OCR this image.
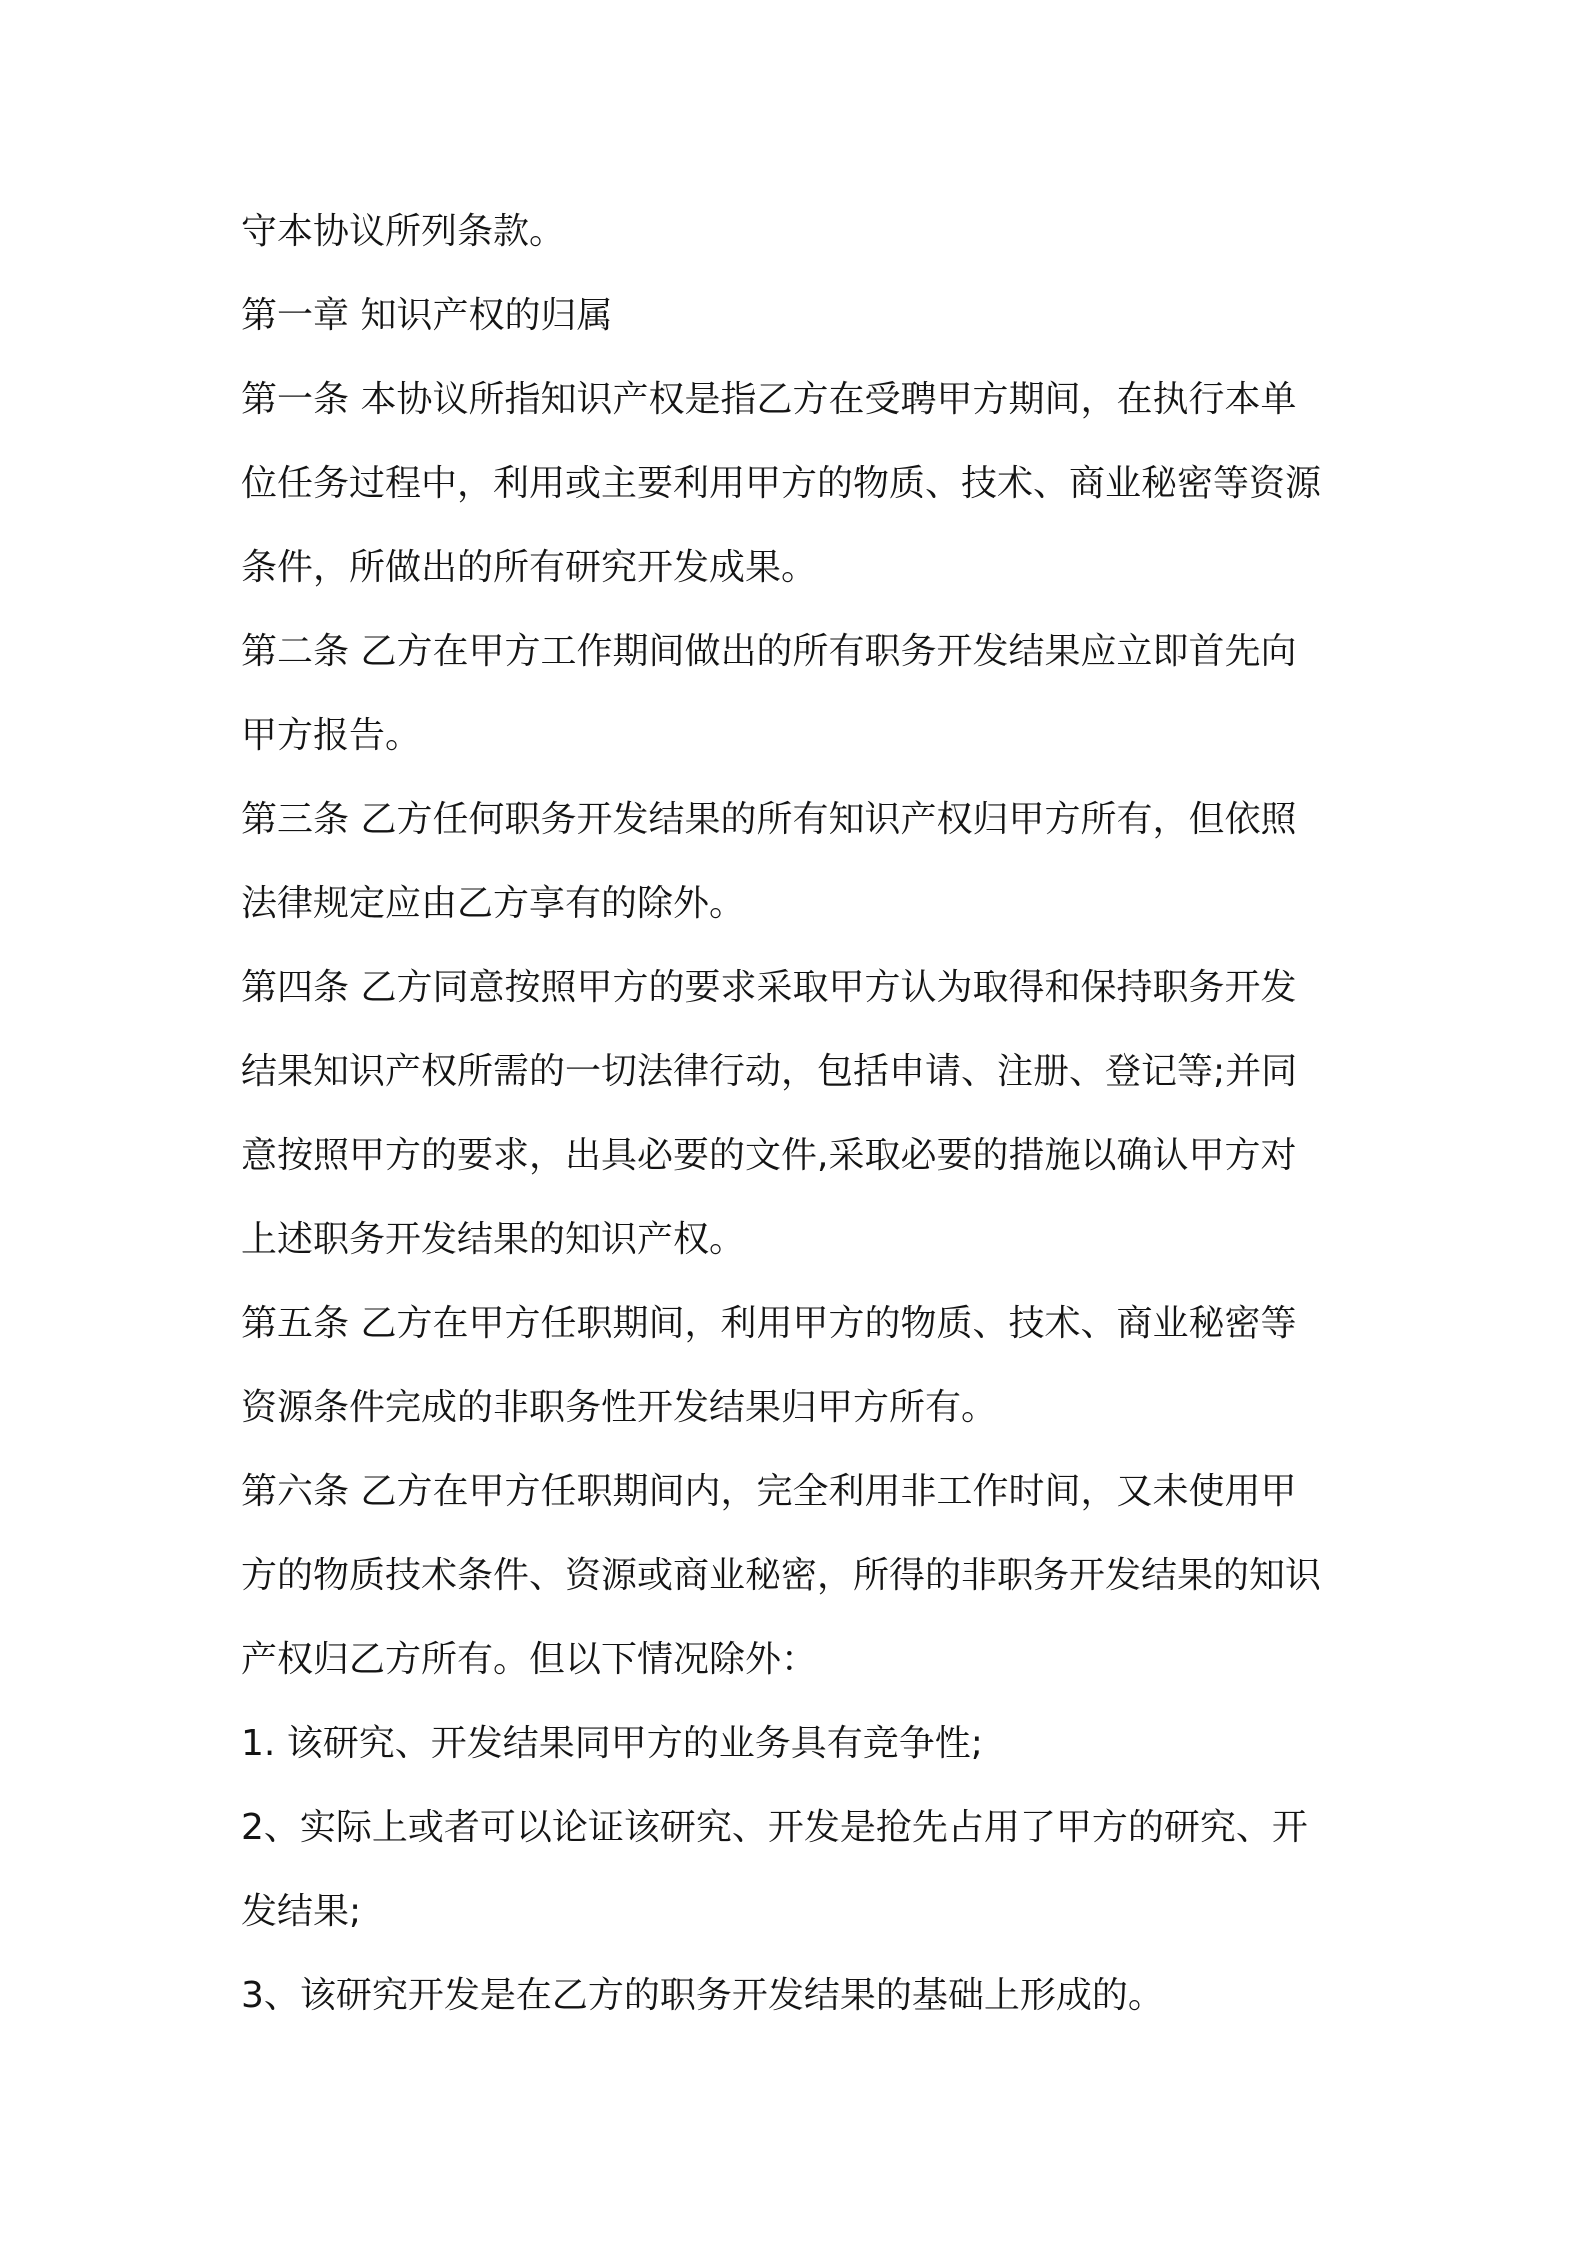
守本协议所列条款。
第一章 知识产权的归属
第一条 本协议所指知识产权是指乙方在受聘甲方期间，在执行本单
位任务过程中，利用或主要利用甲方的物质、技术、商业秘密等资源
条件，所做出的所有研究开发成果。
第二条 乙方在甲方工作期间做出的所有职务开发结果应立即首先向
甲方报告。
第三条 乙方任何职务开发结果的所有知识产权归甲方所有，但依照
法律规定应由乙方享有的除外。
第四条 乙方同意按照甲方的要求采取甲方认为取得和保持职务开发
结果知识产权所需的一切法律行动，包括申请、注册、登记等;并同
意按照甲方的要求，出具必要的文件,采取必要的措施以确认甲方对
上述职务开发结果的知识产权。
第五条 乙方在甲方任职期间，利用甲方的物质、技术、商业秘密等
资源条件完成的非职务性开发结果归甲方所有。
第六条 乙方在甲方任职期间内，完全利用非工作时间，又未使用甲
方的物质技术条件、资源或商业秘密，所得的非职务开发结果的知识
产权归乙方所有。但以下情况除外：
1. 该研究、开发结果同甲方的业务具有竞争性;
2、实际上或者可以论证该研究、开发是抢先占用了甲方的研究、开
发结果;
3、该研究开发是在乙方的职务开发结果的基础上形成的。
